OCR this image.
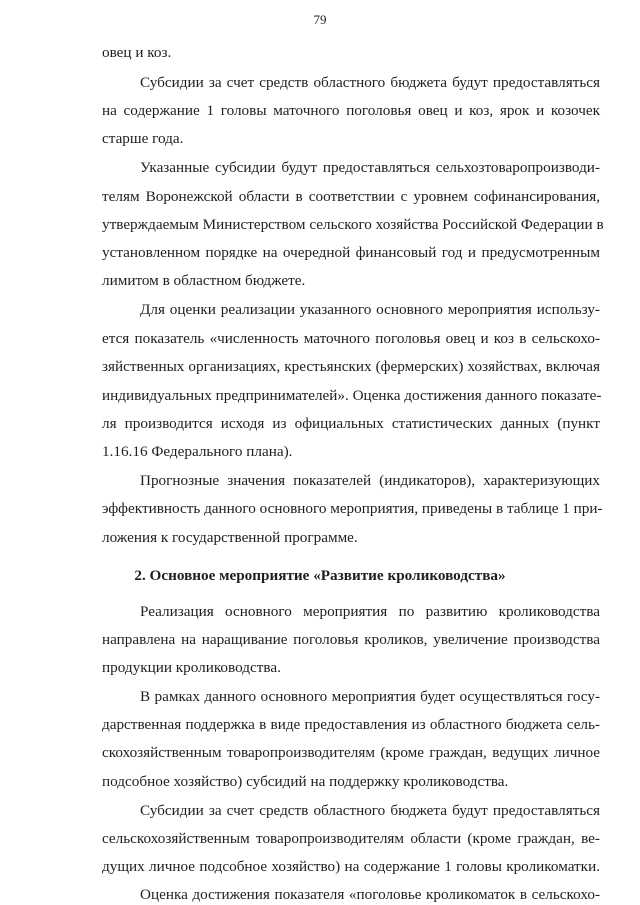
79
овец и коз.
Субсидии за счет средств областного бюджета будут предоставляться
на содержание 1 головы маточного поголовья овец и коз, ярок и козочек
старше года.
Указанные субсидии будут предоставляться сельхозтоваропроизводи-
телям Воронежской области в соответствии с уровнем софинансирования,
утверждаемым Министерством сельского хозяйства Российской Федерации в
установленном порядке на очередной финансовый год и предусмотренным
лимитом в областном бюджете.
Для оценки реализации указанного основного мероприятия использу-
ется показатель «численность маточного поголовья овец и коз в сельскохо-
зяйственных организациях, крестьянских (фермерских) хозяйствах, включая
индивидуальных предпринимателей». Оценка достижения данного показате-
ля производится исходя из официальных статистических данных (пункт
1.16.16 Федерального плана).
Прогнозные значения показателей (индикаторов), характеризующих
эффективность данного основного мероприятия, приведены в таблице 1 при-
ложения к государственной программе.
2. Основное мероприятие «Развитие кролиководства»
Реализация основного мероприятия по развитию кролиководства
направлена на наращивание поголовья кроликов, увеличение производства
продукции кролиководства.
В рамках данного основного мероприятия будет осуществляться госу-
дарственная поддержка в виде предоставления из областного бюджета сель-
скохозяйственным товаропроизводителям (кроме граждан, ведущих личное
подсобное хозяйство) субсидий на поддержку кролиководства.
Субсидии за счет средств областного бюджета будут предоставляться
сельскохозяйственным товаропроизводителям области (кроме граждан, ве-
дущих личное подсобное хозяйство) на содержание 1 головы кроликоматки.
Оценка достижения показателя «поголовье кроликоматок в сельскохо-
